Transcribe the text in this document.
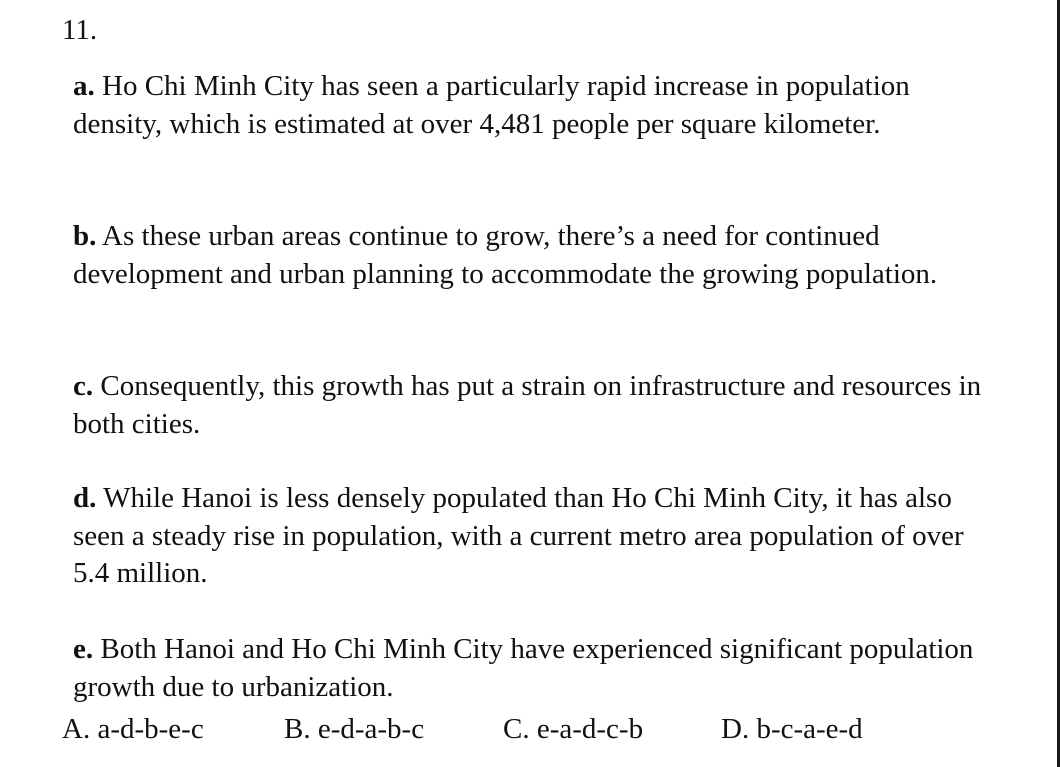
11.
a. Ho Chi Minh City has seen a particularly rapid increase in population density, which is estimated at over 4,481 people per square kilometer.
b. As these urban areas continue to grow, there’s a need for continued development and urban planning to accommodate the growing population.
c. Consequently, this growth has put a strain on infrastructure and resources in both cities.
d. While Hanoi is less densely populated than Ho Chi Minh City, it has also seen a steady rise in population, with a current metro area population of over 5.4 million.
e. Both Hanoi and Ho Chi Minh City have experienced significant population growth due to urbanization.
A. a-d-b-e-c	B. e-d-a-b-c	C. e-a-d-c-b	D. b-c-a-e-d
